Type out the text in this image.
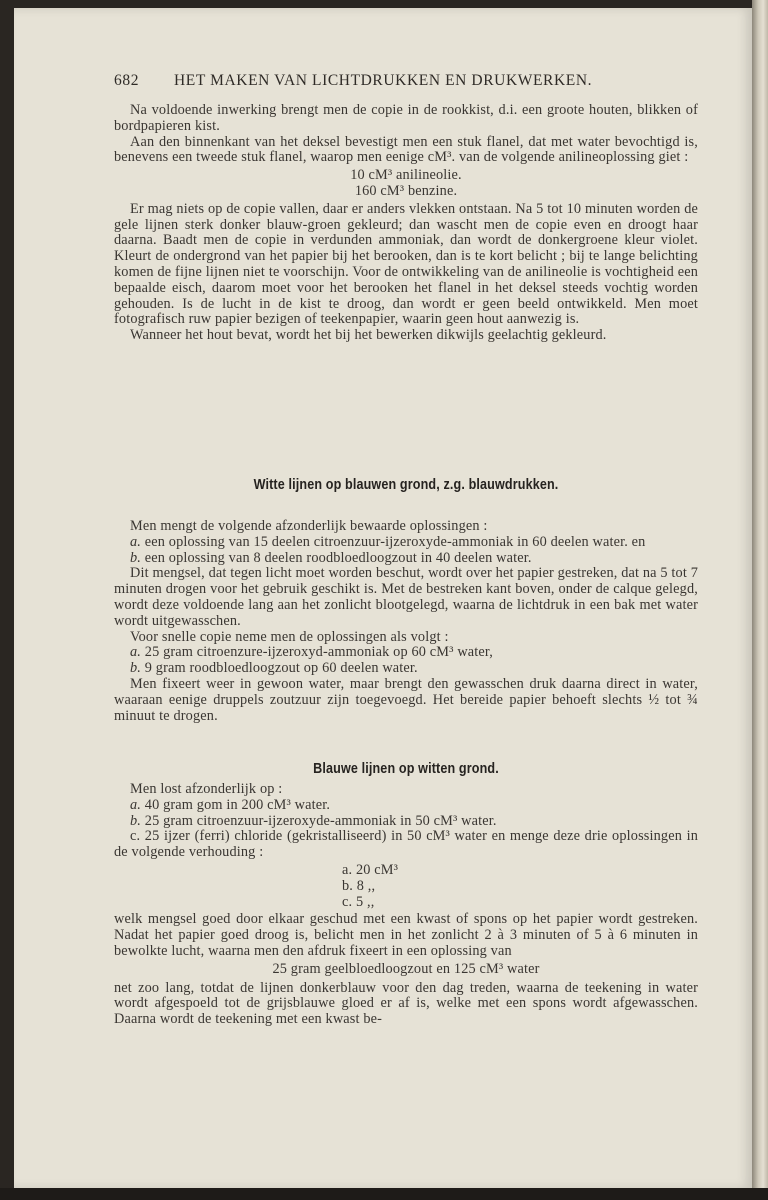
682 HET MAKEN VAN LICHTDRUKKEN EN DRUKWERKEN.

Na voldoende inwerking brengt men de copie in de rookkist, d.i. een groote houten, blikken of bordpapieren kist.

Aan den binnenkant van het deksel bevestigt men een stuk flanel, dat met water bevochtigd is, benevens een tweede stuk flanel, waarop men eenige cM³. van de volgende anilineoplossing giet :

10 cM³ anilineolie.

160 cM³ benzine.

Er mag niets op de copie vallen, daar er anders vlekken ontstaan. Na 5 tot 10 minuten worden de gele lijnen sterk donker blauw-groen gekleurd; dan wascht men de copie even en droogt haar daarna. Baadt men de copie in verdunden ammoniak, dan wordt de donkergroene kleur violet. Kleurt de ondergrond van het papier bij het berooken, dan is te kort belicht ; bij te lange belichting komen de fijne lijnen niet te voorschijn. Voor de ontwikkeling van de anilineolie is vochtigheid een bepaalde eisch, daarom moet voor het berooken het flanel in het deksel steeds vochtig worden gehouden. Is de lucht in de kist te droog, dan wordt er geen beeld ontwikkeld. Men moet fotografisch ruw papier bezigen of teekenpapier, waarin geen hout aanwezig is.

Wanneer het hout bevat, wordt het bij het bewerken dikwijls geelachtig gekleurd.

Witte lijnen op blauwen grond, z.g. blauwdrukken.

Men mengt de volgende afzonderlijk bewaarde oplossingen :

a. een oplossing van 15 deelen citroenzuur-ijzeroxyde-ammoniak in 60 deelen water. en

b. een oplossing van 8 deelen roodbloedloogzout in 40 deelen water.

Dit mengsel, dat tegen licht moet worden beschut, wordt over het papier gestreken, dat na 5 tot 7 minuten drogen voor het gebruik geschikt is. Met de bestreken kant boven, onder de calque gelegd, wordt deze voldoende lang aan het zonlicht blootgelegd, waarna de lichtdruk in een bak met water wordt uitgewasschen.

Voor snelle copie neme men de oplossingen als volgt :

a. 25 gram citroenzure-ijzeroxyd-ammoniak op 60 cM³ water,

b. 9 gram roodbloedloogzout op 60 deelen water.

Men fixeert weer in gewoon water, maar brengt den gewasschen druk daarna direct in water, waaraan eenige druppels zoutzuur zijn toegevoegd. Het bereide papier behoeft slechts ½ tot ¾ minuut te drogen.

Blauwe lijnen op witten grond.

Men lost afzonderlijk op :

a. 40 gram gom in 200 cM³ water.

b. 25 gram citroenzuur-ijzeroxyde-ammoniak in 50 cM³ water.

c. 25 ijzer (ferri) chloride (gekristalliseerd) in 50 cM³ water en menge deze drie oplossingen in de volgende verhouding :

a. 20 cM³

b. 8 ,,

c. 5 ,,

welk mengsel goed door elkaar geschud met een kwast of spons op het papier wordt gestreken. Nadat het papier goed droog is, belicht men in het zonlicht 2 à 3 minuten of 5 à 6 minuten in bewolkte lucht, waarna men den afdruk fixeert in een oplossing van

25 gram geelbloedloogzout en 125 cM³ water

net zoo lang, totdat de lijnen donkerblauw voor den dag treden, waarna de teekening in water wordt afgespoeld tot de grijsblauwe gloed er af is, welke met een spons wordt afgewasschen. Daarna wordt de teekening met een kwast be-
